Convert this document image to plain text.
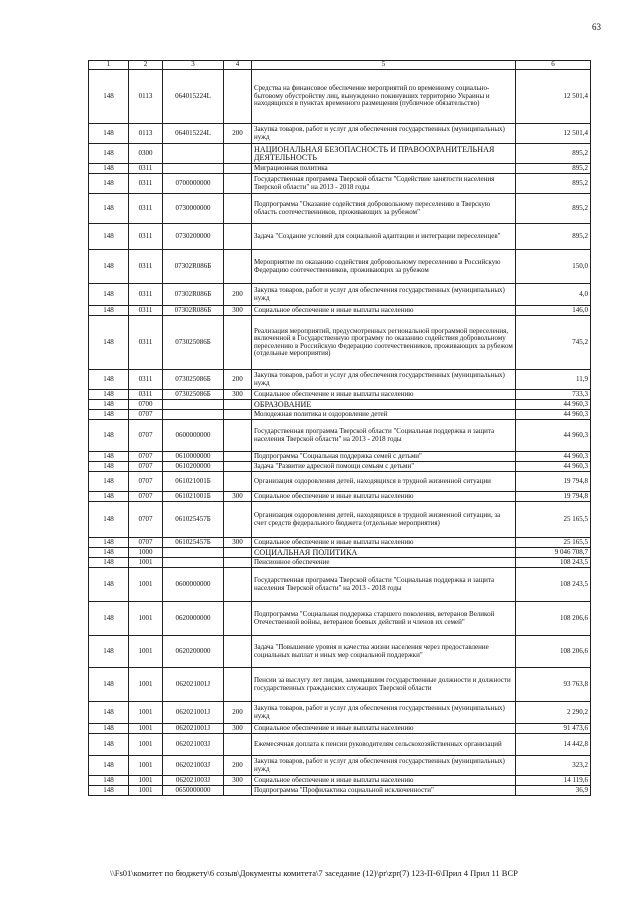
63
1	2	3	4	5	6
148	0113	064015224L		Средства на финансовое обеспечение мероприятий по временному социально-бытовому обустройству лиц, вынужденно покинувших территорию Украины и находящихся в пунктах временного размещения (публичное обязательство)	12 501,4
148	0113	064015224L	200	Закупка товаров, работ и услуг для обеспечения государственных (муниципальных) нужд	12 501,4
148	0300			НАЦИОНАЛЬНАЯ БЕЗОПАСНОСТЬ И ПРАВООХРАНИТЕЛЬНАЯ ДЕЯТЕЛЬНОСТЬ	895,2
148	0311			Миграционная политика	895,2
148	0311	0700000000		Государственная программа Тверской области "Содействие занятости населения Тверской области" на 2013 - 2018 годы	895,2
148	0311	0730000000		Подпрограмма "Оказание содействия добровольному переселению в Тверскую область соотечественников, проживающих за рубежом"	895,2
148	0311	0730200000		Задача "Создание условий для социальной адаптации и интеграции переселенцев"	895,2
148	0311	07302R086Б		Мероприятие по оказанию содействия добровольному переселению в Российскую Федерацию соотечественников, проживающих за рубежом	150,0
148	0311	07302R086Б	200	Закупка товаров, работ и услуг для обеспечения государственных (муниципальных) нужд	4,0
148	0311	07302R086Б	300	Социальное обеспечение и иные выплаты населению	146,0
148	0311	073025086Б		Реализация мероприятий, предусмотренных региональной программой переселения, включенной в Государственную программу по оказанию содействия добровольному переселению в Российскую Федерацию соотечественников, проживающих за рубежом (отдельные мероприятия)	745,2
148	0311	073025086Б	200	Закупка товаров, работ и услуг для обеспечения государственных (муниципальных) нужд	11,9
148	0311	073025086Б	300	Социальное обеспечение и иные выплаты населению	733,3
148	0700			ОБРАЗОВАНИЕ	44 960,3
148	0707			Молодежная политика и оздоровление детей	44 960,3
148	0707	0600000000		Государственная программа Тверской области "Социальная поддержка и защита населения Тверской области" на 2013 - 2018 годы	44 960,3
148	0707	0610000000		Подпрограмма "Социальная поддержка семей с детьми"	44 960,3
148	0707	0610200000		Задача "Развитие адресной помощи семьям с детьми"	44 960,3
148	0707	061021001Б		Организация оздоровления детей, находящихся в трудной жизненной ситуации	19 794,8
148	0707	061021001Б	300	Социальное обеспечение и иные выплаты населению	19 794,8
148	0707	061025457Б		Организация оздоровления детей, находящихся в трудной жизненной ситуации, за счет средств федерального бюджета (отдельные мероприятия)	25 165,5
148	0707	061025457Б	300	Социальное обеспечение и иные выплаты населению	25 165,5
148	1000			СОЦИАЛЬНАЯ ПОЛИТИКА	9 046 708,7
148	1001			Пенсионное обеспечение	108 243,5
148	1001	0600000000		Государственная программа Тверской области "Социальная поддержка и защита населения Тверской области" на 2013 - 2018 годы	108 243,5
148	1001	0620000000		Подпрограмма "Социальная поддержка старшего поколения, ветеранов Великой Отечественной войны, ветеранов боевых действий и членов их семей"	108 206,6
148	1001	0620200000		Задача "Повышение уровня и качества жизни населения через предоставление социальных выплат и иных мер социальной поддержки"	108 206,6
148	1001	062021001J		Пенсии за выслугу лет лицам, замещавшим государственные должности и должности государственных гражданских служащих Тверской области	93 763,8
148	1001	062021001J	200	Закупка товаров, работ и услуг для обеспечения государственных (муниципальных) нужд	2 290,2
148	1001	062021001J	300	Социальное обеспечение и иные выплаты населению	91 473,6
148	1001	062021003J		Ежемесячная доплата к пенсии руководителям сельскохозяйственных организаций	14 442,8
148	1001	062021003J	200	Закупка товаров, работ и услуг для обеспечения государственных (муниципальных) нужд	323,2
148	1001	062021003J	300	Социальное обеспечение и иные выплаты населению	14 119,6
148	1001	0650000000		Подпрограмма "Профилактика социальной исключенности"	36,9
\\Fs01\комитет по бюджету\6 созыв\Документы комитета\7 заседание (12)\pr\zpr(7) 123-П-6\Прил 4 Прил 11 ВСР
